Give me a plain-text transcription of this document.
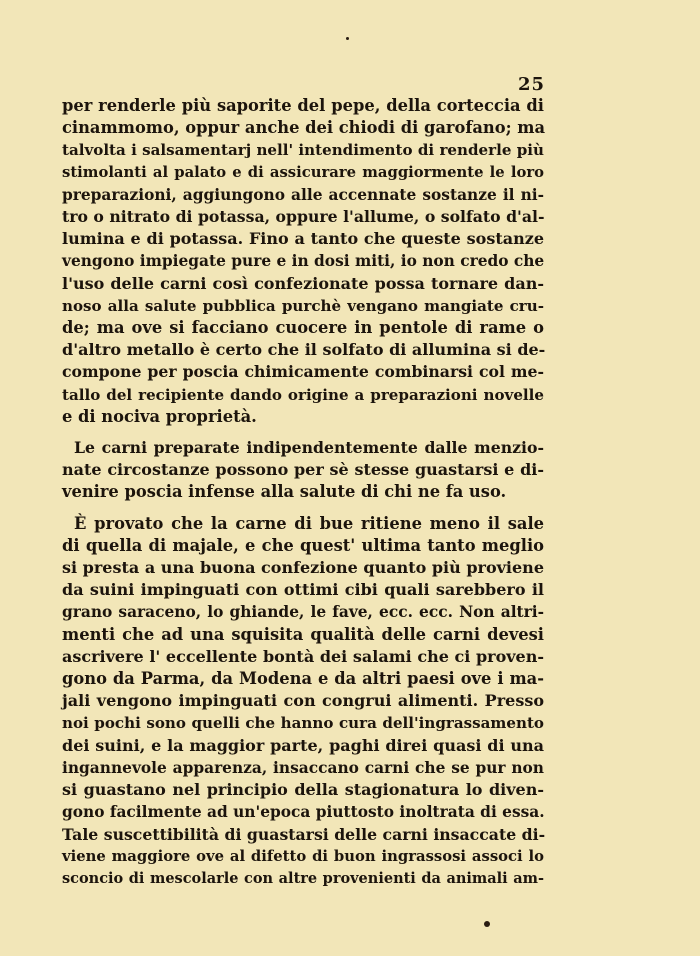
25
per renderle più saporite del pepe, della corteccia di
cinammomo, oppur anche dei chiodi di garofano; ma
talvolta i salsamentarj nell' intendimento di renderle più
stimolanti al palato e di assicurare maggiormente le loro
preparazioni, aggiungono alle accennate sostanze il ni-
tro o nitrato di potassa, oppure l'allume, o solfato d'al-
lumina e di potassa. Fino a tanto che queste sostanze
vengono impiegate pure e in dosi miti, io non credo che
l'uso delle carni così confezionate possa tornare dan-
noso alla salute pubblica purchè vengano mangiate cru-
de; ma ove si facciano cuocere in pentole di rame o
d'altro metallo è certo che il solfato di allumina si de-
compone per poscia chimicamente combinarsi col me-
tallo del recipiente dando origine a preparazioni novelle
e di nociva proprietà.
Le carni preparate indipendentemente dalle menzio-
nate circostanze possono per sè stesse guastarsi e di-
venire poscia infense alla salute di chi ne fa uso.
È provato che la carne di bue ritiene meno il sale
di quella di majale, e che quest' ultima tanto meglio
si presta a una buona confezione quanto più proviene
da suini impinguati con ottimi cibi quali sarebbero il
grano saraceno, lo ghiande, le fave, ecc. ecc. Non altri-
menti che ad una squisita qualità delle carni devesi
ascrivere l' eccellente bontà dei salami che ci proven-
gono da Parma, da Modena e da altri paesi ove i ma-
jali vengono impinguati con congrui alimenti. Presso
noi pochi sono quelli che hanno cura dell'ingrassamento
dei suini, e la maggior parte, paghi direi quasi di una
ingannevole apparenza, insaccano carni che se pur non
si guastano nel principio della stagionatura lo diven-
gono facilmente ad un'epoca piuttosto inoltrata di essa.
Tale suscettibilità di guastarsi delle carni insaccate di-
viene maggiore ove al difetto di buon ingrassosi associ lo
sconcio di mescolarle con altre provenienti da animali am-
